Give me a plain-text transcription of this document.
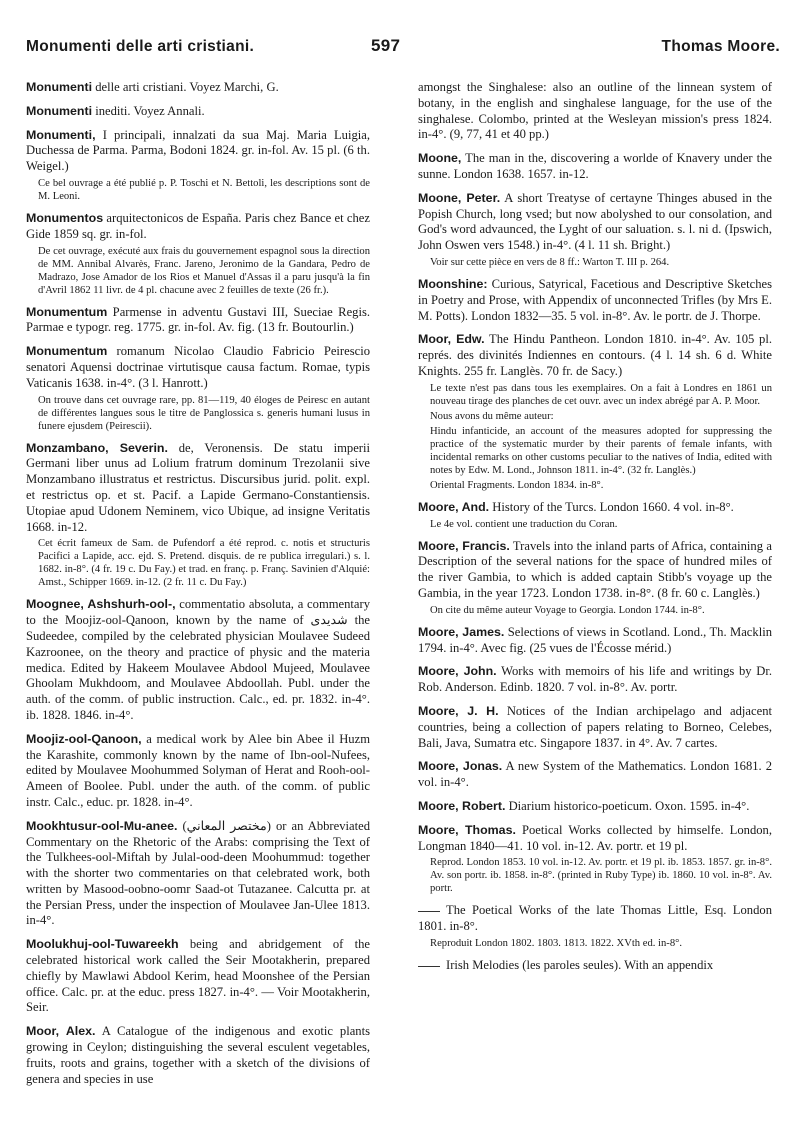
Monumenti delle arti cristiani.	597	Thomas Moore.

Monumenti delle arti cristiani. Voyez Marchi, G.

Monumenti inediti. Voyez Annali.

Monumenti, I principali, innalzati da sua Maj. Maria Luigia, Duchessa de Parma. Parma, Bodoni 1824. gr. in-fol. Av. 15 pl. (6 th. Weigel.)
Ce bel ouvrage a été publié p. P. Toschi et N. Bettoli, les descriptions sont de M. Leoni.

Monumentos arquitectonicos de España. Paris chez Bance et chez Gide 1859 sq. gr. in-fol.
De cet ouvrage, exécuté aux frais du gouvernement espagnol sous la direction de MM. Annibal Alvarès, Franc. Jareno, Jeronimo de la Gandara, Pedro de Madrazo, Jose Amador de los Rios et Manuel d'Assas il a paru jusqu'à la fin d'Avril 1862 11 livr. de 4 pl. chacune avec 2 feuilles de texte (26 fr.).

Monumentum Parmense in adventu Gustavi III, Sueciae Regis. Parmae e typogr. reg. 1775. gr. in-fol. Av. fig. (13 fr. Boutourlin.)

Monumentum romanum Nicolao Claudio Fabricio Peirescio senatori Aquensi doctrinae virtutisque causa factum. Romae, typis Vaticanis 1638. in-4°. (3 l. Hanrott.)
On trouve dans cet ouvrage rare, pp. 81—119, 40 éloges de Peiresc en autant de différentes langues sous le titre de Panglossica s. generis humani lusus in funere ejusdem (Peirescii).

Monzambano, Severin. de, Veronensis. De statu imperii Germani liber unus ad Lolium fratrum dominum Trezolanii sive Monzambano illustratus et restrictus. Discursibus jurid. polit. expl. et restrictus op. et st. Pacif. a Lapide Germano-Constantiensis. Utopiae apud Udonem Neminem, vico Ubique, ad insigne Veritatis 1668. in-12.
Cet écrit fameux de Sam. de Pufendorf a été reprod. c. notis et structuris Pacifici a Lapide, acc. ejd. S. Pretend. disquis. de re publica irregulari.) s. l. 1682. in-8°. (4 fr. 19 c. Du Fay.) et trad. en franç. p. Franç. Savinien d'Alquié: Amst., Schipper 1669. in-12. (2 fr. 11 c. Du Fay.)

Moognee, Ashshurh-ool-, commentatio absoluta, a commentary to the Moojiz-ool-Qanoon, known by the name of شديدى the Sudeedee, compiled by the celebrated physician Moulavee Sudeed Kazroonee, on the theory and practice of physic and the materia medica. Edited by Hakeem Moulavee Abdool Mujeed, Moulavee Ghoolam Mukhdoom, and Moulavee Abdoollah. Publ. under the auth. of the comm. of public instruction. Calc., ed. pr. 1832. in-4°. ib. 1828. 1846. in-4°.

Moojiz-ool-Qanoon, a medical work by Alee bin Abee il Huzm the Karashite, commonly known by the name of Ibn-ool-Nufees, edited by Moulavee Moohummed Solyman of Herat and Rooh-ool-Ameen of Boolee. Publ. under the auth. of the comm. of public instr. Calc., educ. pr. 1828. in-4°.

Mookhtusur-ool-Mu-anee. (مختصر المعاني) or an Abbreviated Commentary on the Rhetoric of the Arabs: comprising the Text of the Tulkhees-ool-Miftah by Julal-ood-deen Moohummud: together with the shorter two commentaries on that celebrated work, both written by Masood-oobno-oomr Saad-ot Tutazanee. Calcutta pr. at the Persian Press, under the inspection of Moulavee Jan-Ulee 1813. in-4°.

Moolukhuj-ool-Tuwareekh being and abridgement of the celebrated historical work called the Seir Mootakherin, prepared chiefly by Mawlawi Abdool Kerim, head Moonshee of the Persian office. Calc. pr. at the educ. press 1827. in-4°. — Voir Mootakherin, Seir.

Moor, Alex. A Catalogue of the indigenous and exotic plants growing in Ceylon; distinguishing the several esculent vegetables, fruits, roots and grains, together with a sketch of the divisions of genera and species in use

amongst the Singhalese: also an outline of the linnean system of botany, in the english and singhalese language, for the use of the singhalese. Colombo, printed at the Wesleyan mission's press 1824. in-4°. (9, 77, 41 et 40 pp.)

Moone, The man in the, discovering a worlde of Knavery under the sunne. London 1638. 1657. in-12.

Moone, Peter. A short Treatyse of certayne Thinges abused in the Popish Church, long vsed; but now abolyshed to our consolation, and God's word advaunced, the Lyght of our saluation. s. l. ni d. (Ipswich, John Oswen vers 1548.) in-4°. (4 l. 11 sh. Bright.)
Voir sur cette pièce en vers de 8 ff.: Warton T. III p. 264.

Moonshine: Curious, Satyrical, Facetious and Descriptive Sketches in Poetry and Prose, with Appendix of unconnected Trifles (by Mrs E. M. Potts). London 1832—35. 5 vol. in-8°. Av. le portr. de J. Thorpe.

Moor, Edw. The Hindu Pantheon. London 1810. in-4°. Av. 105 pl. représ. des divinités Indiennes en contours. (4 l. 14 sh. 6 d. White Knights. 255 fr. Langlès. 70 fr. de Sacy.)
Le texte n'est pas dans tous les exemplaires. On a fait à Londres en 1861 un nouveau tirage des planches de cet ouvr. avec un index abrégé par A. P. Moor.
Nous avons du même auteur:
Hindu infanticide, an account of the measures adopted for suppressing the practice of the systematic murder by their parents of female infants, with incidental remarks on other customs peculiar to the natives of India, edited with notes by Edw. M. Lond., Johnson 1811. in-4°. (32 fr. Langlès.)
Oriental Fragments. London 1834. in-8°.

Moore, And. History of the Turcs. London 1660. 4 vol. in-8°.
Le 4e vol. contient une traduction du Coran.

Moore, Francis. Travels into the inland parts of Africa, containing a Description of the several nations for the space of hundred miles of the river Gambia, to which is added captain Stibb's voyage up the Gambia, in the year 1723. London 1738. in-8°. (8 fr. 60 c. Langlès.)
On cite du même auteur Voyage to Georgia. London 1744. in-8°.

Moore, James. Selections of views in Scotland. Lond., Th. Macklin 1794. in-4°. Avec fig. (25 vues de l'Écosse mérid.)

Moore, John. Works with memoirs of his life and writings by Dr. Rob. Anderson. Edinb. 1820. 7 vol. in-8°. Av. portr.

Moore, J. H. Notices of the Indian archipelago and adjacent countries, being a collection of papers relating to Borneo, Celebes, Bali, Java, Sumatra etc. Singapore 1837. in 4°. Av. 7 cartes.

Moore, Jonas. A new System of the Mathematics. London 1681. 2 vol. in-4°.

Moore, Robert. Diarium historico-poeticum. Oxon. 1595. in-4°.

Moore, Thomas. Poetical Works collected by himselfe. London, Longman 1840—41. 10 vol. in-12. Av. portr. et 19 pl.
Reprod. London 1853. 10 vol. in-12. Av. portr. et 19 pl. ib. 1853. 1857. gr. in-8°. Av. son portr. ib. 1858. in-8°. (printed in Ruby Type) ib. 1860. 10 vol. in-8°. Av. portr.

The Poetical Works of the late Thomas Little, Esq. London 1801. in-8°.
Reproduit London 1802. 1803. 1813. 1822. XVth ed. in-8°.

Irish Melodies (les paroles seules). With an appendix
